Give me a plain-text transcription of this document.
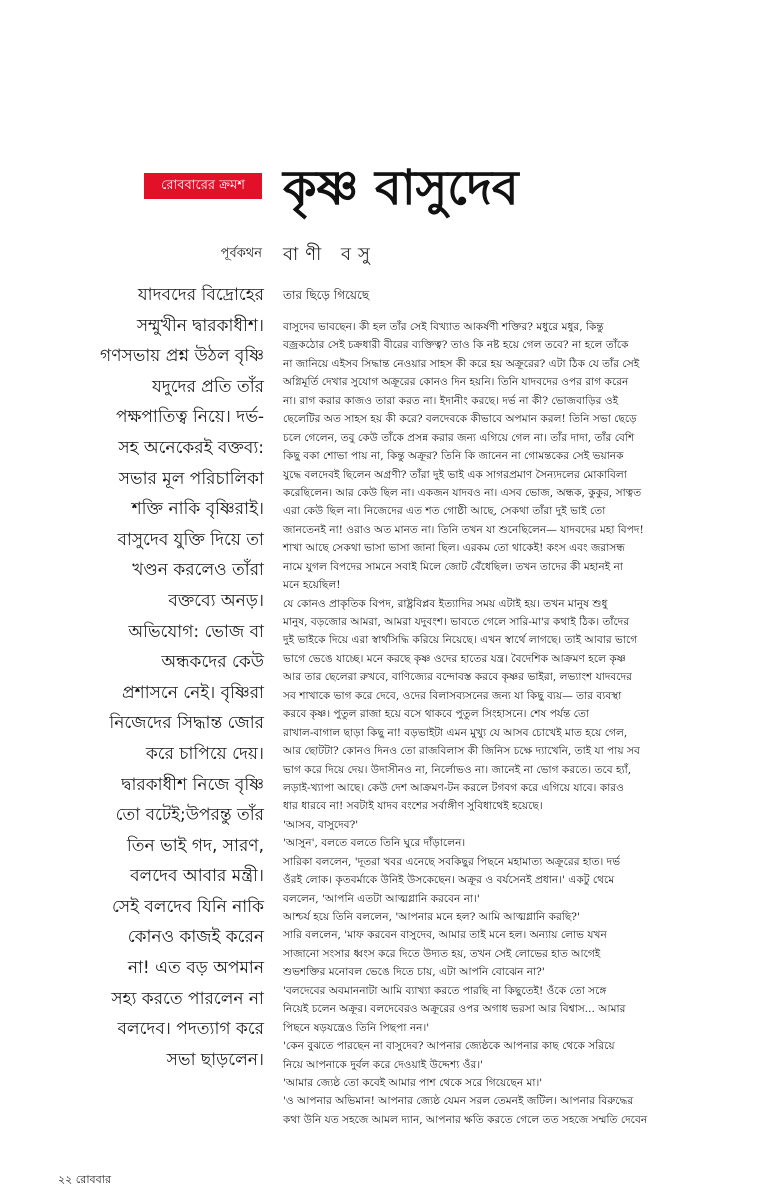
রোববারের ক্রমশ কৃষ্ণ বাসুদেব
পূর্বকথন বাণী বসু
তার ছিড়ে গিয়েছে
যাদবদের বিদ্রোহের
সম্মুখীন দ্বারকাধীশ।
গণসভায় প্রশ্ন উঠল বৃষ্ণি
যদুদের প্রতি তাঁর
পক্ষপাতিত্ব নিয়ে। দর্ভ-
সহ অনেকেরই বক্তব্য:
সভার মূল পরিচালিকা
শক্তি নাকি বৃষ্ণিরাই।
বাসুদেব যুক্তি দিয়ে তা
খণ্ডন করলেও তাঁরা
বক্তব্যে অনড়।
অভিযোগ: ভোজ বা
অন্ধকদের কেউ
প্রশাসনে নেই। বৃষ্ণিরা
নিজেদের সিদ্ধান্ত জোর
করে চাপিয়ে দেয়।
দ্বারকাধীশ নিজে বৃষ্ণি
তো বটেই;উপরন্তু তাঁর
তিন ভাই গদ, সারণ,
বলদেব আবার মন্ত্রী।
সেই বলদেব যিনি নাকি
কোনও কাজই করেন
না! এত বড় অপমান
সহ্য করতে পারলেন না
বলদেব। পদত্যাগ করে
সভা ছাড়লেন।
বাসুদেব ভাবছেন। কী হল তাঁর সেই বিখ্যাত আকর্ষণী শক্তির? মধুরে মধুর, কিন্তু
বজ্রকঠোর সেই চক্রধারী বীরের ব্যক্তিত্ব? তাও কি নষ্ট হয়ে গেল তবে? না হলে তাঁকে
না জানিয়ে এইসব সিদ্ধান্ত নেওয়ার সাহস কী করে হয় অক্রূরের? এটা ঠিক যে তাঁর সেই
অগ্নিমূর্তি দেখার সুযোগ অক্রূরের কোনও দিন হয়নি। তিনি যাদবদের ওপর রাগ করেন
না। রাগ করার কাজও তারা করত না। ইদানীং করছে। দর্ভ না কী? ভোজবাড়ির ওই
ছেলেটির অত সাহস হয় কী করে? বলদেবকে কীভাবে অপমান করল! তিনি সভা ছেড়ে
চলে গেলেন, তবু কেউ তাঁকে প্রসন্ন করার জন্য এগিয়ে গেল না। তাঁর দাদা, তাঁর বেশি
কিছু বকা শোভা পায় না, কিন্তু অক্রূর? তিনি কি জানেন না গোমন্তকের সেই ভয়ানক
যুদ্ধে বলদেবই ছিলেন অগ্রণী? তাঁরা দুই ভাই এক সাগরপ্রমাণ সৈন্যদলের মোকাবিলা
করেছিলেন। আর কেউ ছিল না। একজন যাদবও না। এসব ভোজ, অন্ধক, কুকুর, সাত্বত
এরা কেউ ছিল না। নিজেদের এত শত গোষ্ঠী আছে, সেকথা তাঁরা দুই ভাই তো
জানতেনই না! ওরাও অত মানত না। তিনি তখন যা শুনেছিলেন— যাদবদের মহা বিপদ!
শাখা আছে সেকথা ভাসা ভাসা জানা ছিল। এরকম তো থাকেই! কংস এবং জরাসন্ধ
নামে যুগল বিপদের সামনে সবাই মিলে জোট বেঁধেছিল। তখন তাদের কী মহানই না
মনে হয়েছিল!
যে কোনও প্রাকৃতিক বিপদ, রাষ্ট্রবিপ্লব ইত্যাদির সময় এটাই হয়। তখন মানুষ শুধু
মানুষ, বড়জোর আমরা, আমরা যদুবংশ। ভাবতে গেলে সারি-মা'র কথাই ঠিক। তাঁদের
দুই ভাইকে দিয়ে এরা স্বার্থসিদ্ধি করিয়ে নিয়েছে। এখন স্বার্থে লাগছে। তাই আবার ভাগে
ভাগে ভেঙে যাচ্ছে। মনে করছে কৃষ্ণ ওদের হাতের যন্ত্র। বৈদেশিক আক্রমণ হলে কৃষ্ণ
আর তার ছেলেরা রুখবে, বাণিজ্যের বন্দোবস্ত করবে কৃষ্ণর ভাইরা, লভ্যাংশ যাদবদের
সব শাখাকে ভাগ করে দেবে, ওদের বিলাসব্যসনের জন্য যা কিছু ব্যয়— তার ব্যবস্থা
করবে কৃষ্ণ। পুতুল রাজা হয়ে বসে থাকবে পুতুল সিংহাসনে। শেষ পর্যন্ত তো
রাখাল-বাগাল ছাড়া কিছু না! বড়ভাইটা এমন মুখ্যু যে আসব চোখেই মাত হয়ে গেল,
আর ছোটটা? কোনও দিনও তো রাজবিলাস কী জিনিস চক্ষে দ্যাখেনি, তাই যা পায় সব
ভাগ করে দিয়ে দেয়। উদাসীনও না, নির্লোভও না। জানেই না ভোগ করতে। তবে হ্যাঁ,
লড়াই-খ্যাপা আছে। কেউ দেশ আক্রমণ-টন করলে টগবগ করে এগিয়ে যাবে। কারও
ধার ধারবে না! সবটাই যাদব বংশের সর্বাঙ্গীণ সুবিধাথেই হয়েছে।
'আসব, বাসুদেব?'
'আসুন', বলতে বলতে তিনি ঘুরে দাঁড়ালেন।
সারিকা বললেন, 'দূতরা খবর এনেছে সবকিছুর পিছনে মহামাত্য অক্রূরের হাত। দর্ভ
ওঁরই লোক। কৃতবর্মাকে উনিই উসকেছেন। অক্রূর ও বর্যসেনই প্রধান।' একটু থেমে
বললেন, 'আপনি এতটা আত্মগ্লানি করবেন না।'
আশ্চর্য হয়ে তিনি বললেন, 'আপনার মনে হল? আমি আত্মগ্লানি করছি?'
সারি বললেন, 'মাফ করবেন বাসুদেব, আমার তাই মনে হল। অন্যায় লোভ যখন
সাজানো সংসার ধ্বংস করে দিতে উদ্যত হয়, তখন সেই লোভের হাত আগেই
শুভশক্তির মনোবল ভেঙে দিতে চায়, এটা আপনি বোঝেন না?'
'বলদেবের অবমাননাটা আমি ব্যাখ্যা করতে পারছি না কিছুতেই! ওঁকে তো সঙ্গে
নিয়েই চলেন অক্রূর। বলদেবেরও অক্রূরের ওপর অগাধ ভরসা আর বিশ্বাস... আমার
পিছনে ষড়যন্ত্রেও তিনি পিছপা নন।'
'কেন বুঝতে পারছেন না বাসুদেব? আপনার জ্যেষ্ঠকে আপনার কাছ থেকে সরিয়ে
নিয়ে আপনাকে দুর্বল করে দেওয়াই উদ্দেশ্য ওঁর।'
'আমার জ্যেষ্ঠ তো কবেই আমার পাশ থেকে সরে গিয়েছেন মা।'
'ও আপনার অভিমান! আপনার জ্যেষ্ঠ যেমন সরল তেমনই জটিল। আপনার বিরুদ্ধের
কথা উনি যত সহজে আমল দ্যান, আপনার ক্ষতি করতে গেলে তত সহজে সম্মতি দেবেন
২২ রোববার
